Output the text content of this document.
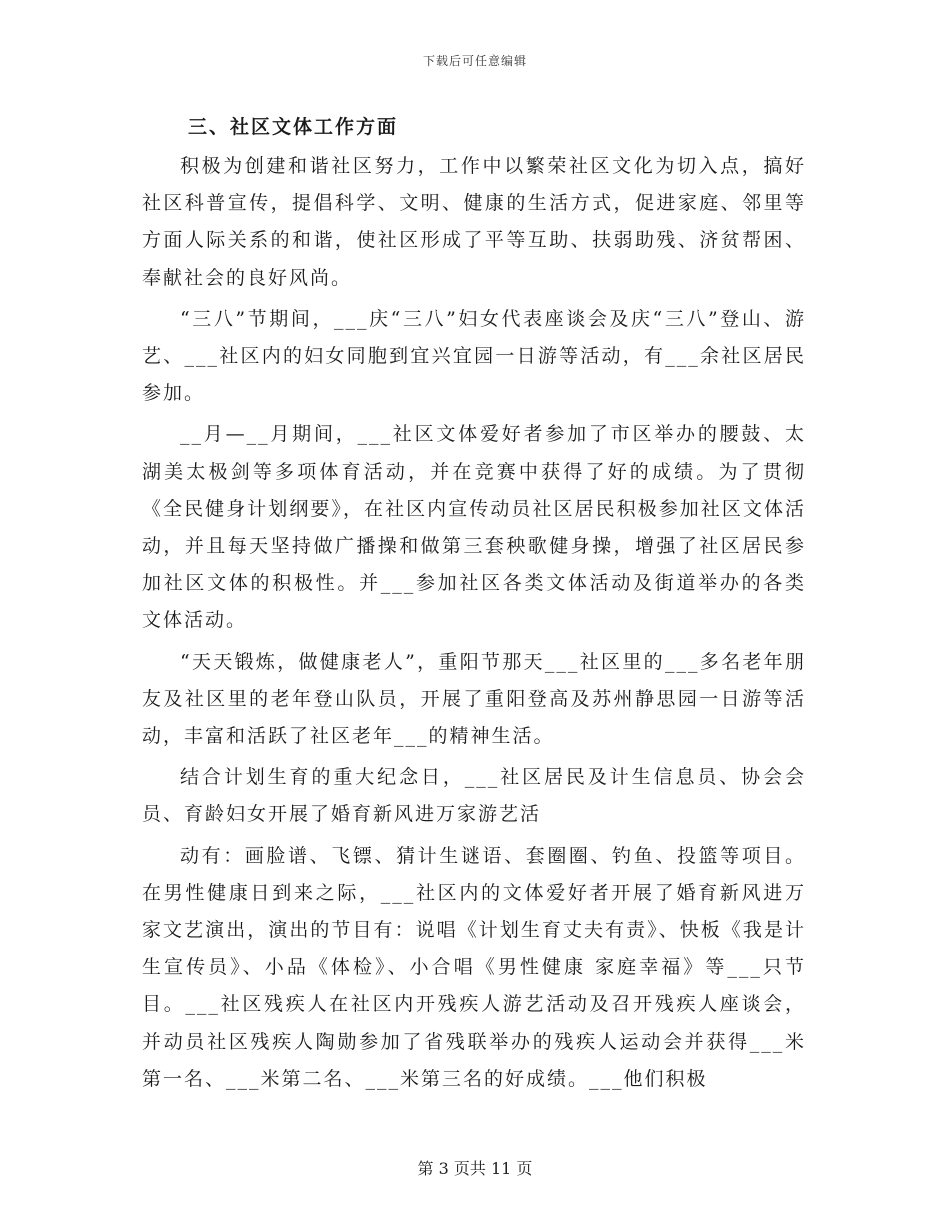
下载后可任意编辑
三、社区文体工作方面

积极为创建和谐社区努力，工作中以繁荣社区文化为切入点，搞好社区科普宣传，提倡科学、文明、健康的生活方式，促进家庭、邻里等方面人际关系的和谐，使社区形成了平等互助、扶弱助残、济贫帮困、奉献社会的良好风尚。

“三八”节期间，___庆“三八”妇女代表座谈会及庆“三八”登山、游艺、___社区内的妇女同胞到宜兴宜园一日游等活动，有___余社区居民参加。

__月—__月期间，___社区文体爱好者参加了市区举办的腰鼓、太湖美太极剑等多项体育活动，并在竞赛中获得了好的成绩。为了贯彻《全民健身计划纲要》，在社区内宣传动员社区居民积极参加社区文体活动，并且每天坚持做广播操和做第三套秧歌健身操，增强了社区居民参加社区文体的积极性。并___参加社区各类文体活动及街道举办的各类文体活动。

“天天锻炼，做健康老人”，重阳节那天___社区里的___多名老年朋友及社区里的老年登山队员，开展了重阳登高及苏州静思园一日游等活动，丰富和活跃了社区老年___的精神生活。

结合计划生育的重大纪念日，___社区居民及计生信息员、协会会员、育龄妇女开展了婚育新风进万家游艺活

动有：画脸谱、飞镖、猜计生谜语、套圈圈、钓鱼、投篮等项目。在男性健康日到来之际，___社区内的文体爱好者开展了婚育新风进万家文艺演出，演出的节目有：说唱《计划生育丈夫有责》、快板《我是计生宣传员》、小品《体检》、小合唱《男性健康 家庭幸福》等___只节目。___社区残疾人在社区内开残疾人游艺活动及召开残疾人座谈会，并动员社区残疾人陶勋参加了省残联举办的残疾人运动会并获得___米第一名、___米第二名、___米第三名的好成绩。___他们积极

第 3 页共 11 页
